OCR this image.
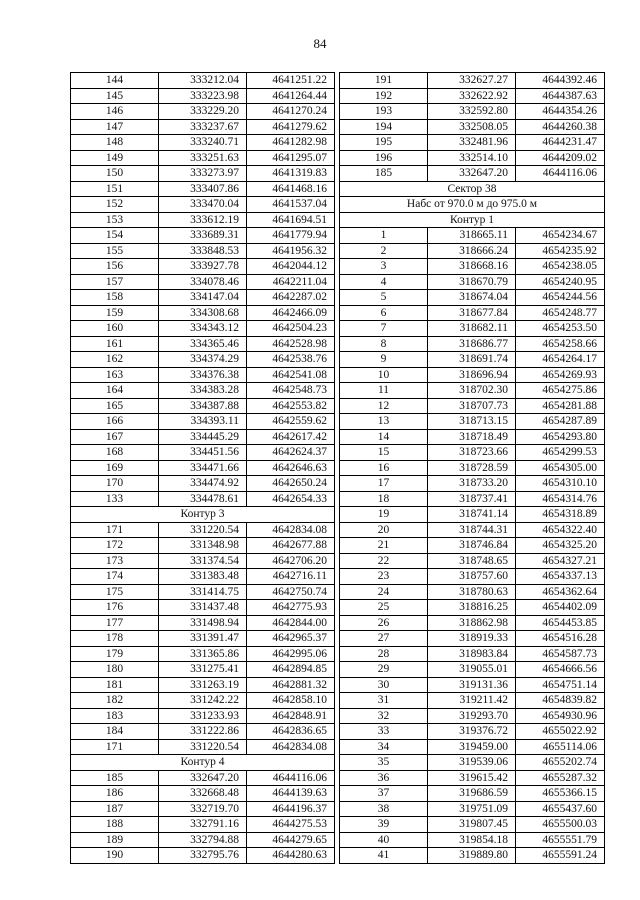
84
144	333212.04	4641251.22
145	333223.98	4641264.44
146	333229.20	4641270.24
147	333237.67	4641279.62
148	333240.71	4641282.98
149	333251.63	4641295.07
150	333273.97	4641319.83
151	333407.86	4641468.16
152	333470.04	4641537.04
153	333612.19	4641694.51
154	333689.31	4641779.94
155	333848.53	4641956.32
156	333927.78	4642044.12
157	334078.46	4642211.04
158	334147.04	4642287.02
159	334308.68	4642466.09
160	334343.12	4642504.23
161	334365.46	4642528.98
162	334374.29	4642538.76
163	334376.38	4642541.08
164	334383.28	4642548.73
165	334387.88	4642553.82
166	334393.11	4642559.62
167	334445.29	4642617.42
168	334451.56	4642624.37
169	334471.66	4642646.63
170	334474.92	4642650.24
133	334478.61	4642654.33
Контур 3		
171	331220.54	4642834.08
172	331348.98	4642677.88
173	331374.54	4642706.20
174	331383.48	4642716.11
175	331414.75	4642750.74
176	331437.48	4642775.93
177	331498.94	4642844.00
178	331391.47	4642965.37
179	331365.86	4642995.06
180	331275.41	4642894.85
181	331263.19	4642881.32
182	331242.22	4642858.10
183	331233.93	4642848.91
184	331222.86	4642836.65
171	331220.54	4642834.08
Контур 4		
185	332647.20	4644116.06
186	332668.48	4644139.63
187	332719.70	4644196.37
188	332791.16	4644275.53
189	332794.88	4644279.65
190	332795.76	4644280.63
191	332627.27	4644392.46
192	332622.92	4644387.63
193	332592.80	4644354.26
194	332508.05	4644260.38
195	332481.96	4644231.47
196	332514.10	4644209.02
185	332647.20	4644116.06
Сектор 38		
Набс от 970.0 м до 975.0 м		
Контур 1		
1	318665.11	4654234.67
2	318666.24	4654235.92
3	318668.16	4654238.05
4	318670.79	4654240.95
5	318674.04	4654244.56
6	318677.84	4654248.77
7	318682.11	4654253.50
8	318686.77	4654258.66
9	318691.74	4654264.17
10	318696.94	4654269.93
11	318702.30	4654275.86
12	318707.73	4654281.88
13	318713.15	4654287.89
14	318718.49	4654293.80
15	318723.66	4654299.53
16	318728.59	4654305.00
17	318733.20	4654310.10
18	318737.41	4654314.76
19	318741.14	4654318.89
20	318744.31	4654322.40
21	318746.84	4654325.20
22	318748.65	4654327.21
23	318757.60	4654337.13
24	318780.63	4654362.64
25	318816.25	4654402.09
26	318862.98	4654453.85
27	318919.33	4654516.28
28	318983.84	4654587.73
29	319055.01	4654666.56
30	319131.36	4654751.14
31	319211.42	4654839.82
32	319293.70	4654930.96
33	319376.72	4655022.92
34	319459.00	4655114.06
35	319539.06	4655202.74
36	319615.42	4655287.32
37	319686.59	4655366.15
38	319751.09	4655437.60
39	319807.45	4655500.03
40	319854.18	4655551.79
41	319889.80	4655591.24
